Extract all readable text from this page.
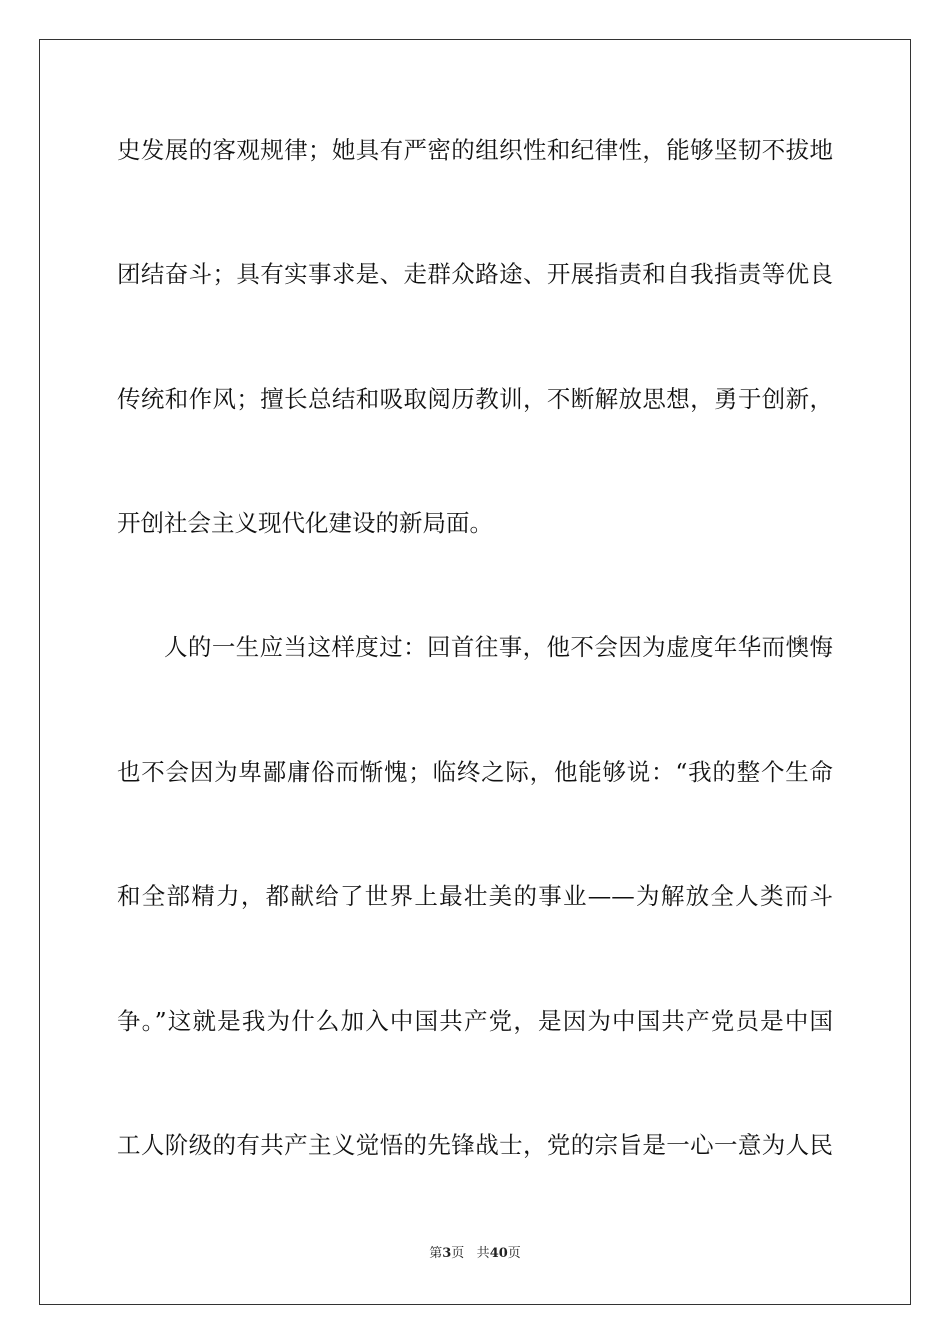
史发展的客观规律；她具有严密的组织性和纪律性，能够坚韧不拔地
团结奋斗；具有实事求是、走群众路途、开展指责和自我指责等优良
传统和作风；擅长总结和吸取阅历教训，不断解放思想，勇于创新，
开创社会主义现代化建设的新局面。
人的一生应当这样度过：回首往事，他不会因为虚度年华而懊悔
也不会因为卑鄙庸俗而惭愧；临终之际，他能够说：“我的整个生命
和全部精力，都献给了世界上最壮美的事业——为解放全人类而斗
争。”这就是我为什么加入中国共产党，是因为中国共产党员是中国
工人阶级的有共产主义觉悟的先锋战士，党的宗旨是一心一意为人民
第3页 共40页
